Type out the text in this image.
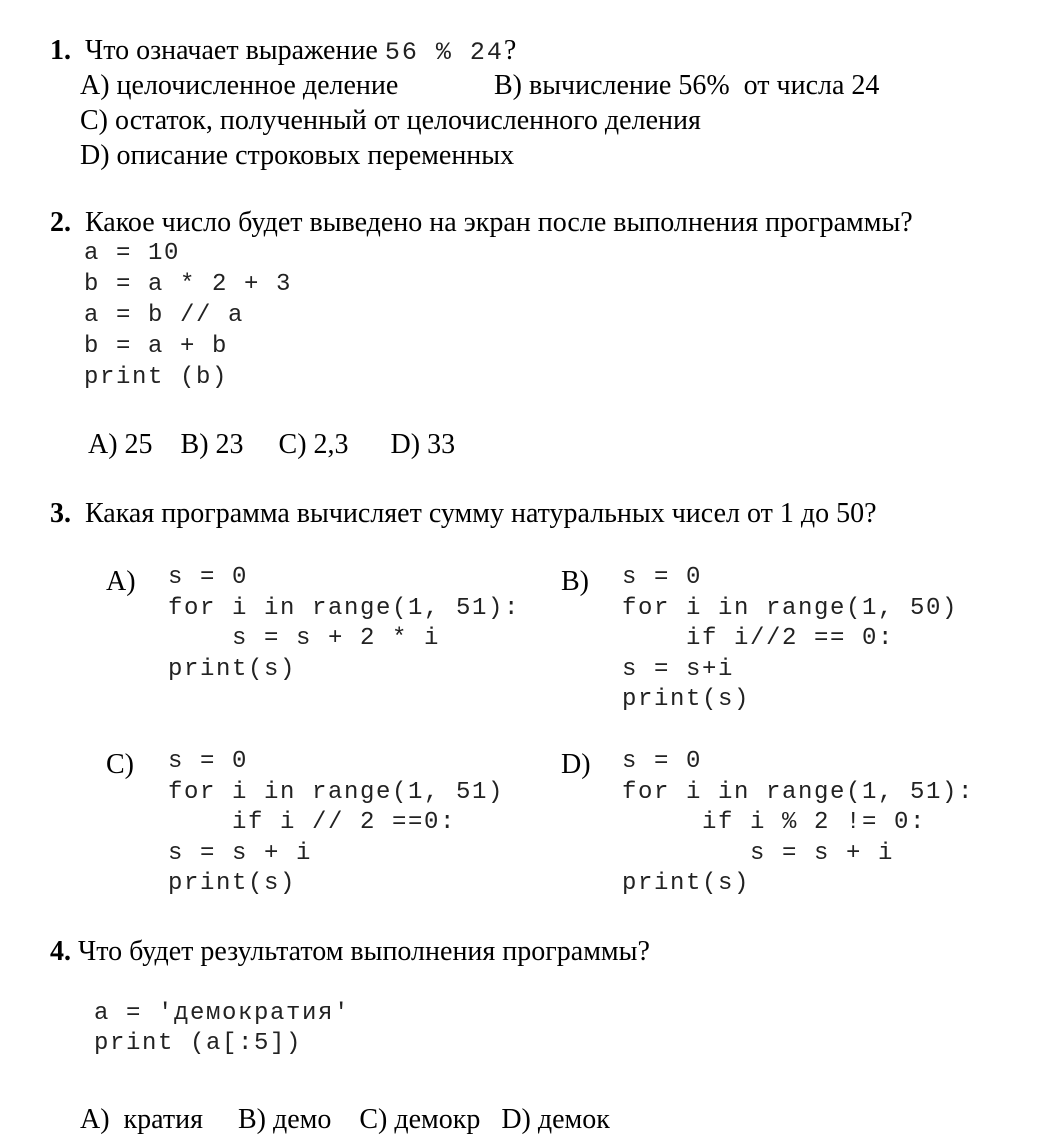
1. Что означает выражение 56 % 24?
A) целочисленное деление	B) вычисление 56%  от числа 24
C) остаток, полученный от целочисленного деления
D) описание строковых переменных
2. Какое число будет выведено на экран после выполнения программы?
a = 10
b = a * 2 + 3
a = b // a
b = a + b
print (b)
A) 25    B) 23     C) 2,3      D) 33
3. Какая программа вычисляет сумму натуральных чисел от 1 до 50?
A) s = 0
for i in range(1, 51):
s = s + 2 * i
print(s)
B) s = 0
for i in range(1, 50)
if i//2 == 0:
s = s+i
print(s)
C) s = 0
for i in range(1, 51)
if i // 2 ==0:
s = s + i
print(s)
D) s = 0
for i in range(1, 51):
if i % 2 != 0:
s = s + i
print(s)
4. Что будет результатом выполнения программы?
a = 'демократия'
print (a[:5])
A)  кратия     B) демо    C) демокр   D) демок
